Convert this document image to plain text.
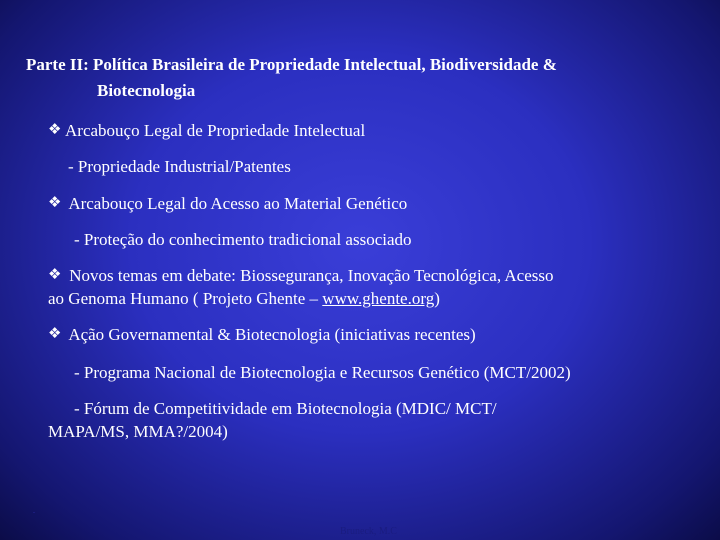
Parte II: Política Brasileira de Propriedade Intelectual, Biodiversidade &
Biotecnologia
❖Arcabouço Legal de Propriedade Intelectual
- Propriedade Industrial/Patentes
❖ Arcabouço Legal do Acesso ao Material Genético
- Proteção do conhecimento tradicional associado
❖ Novos temas em debate: Biossegurança, Inovação Tecnológica, Acesso
ao Genoma Humano ( Projeto Ghente – www.ghente.org)
❖ Ação Governamental & Biotecnologia (iniciativas recentes)
- Programa Nacional de Biotecnologia e Recursos Genético (MCT/2002)
- Fórum de Competitividade em Biotecnologia (MDIC/ MCT/
MAPA/MS, MMA?/2004)
.
Bruneck, M.C
